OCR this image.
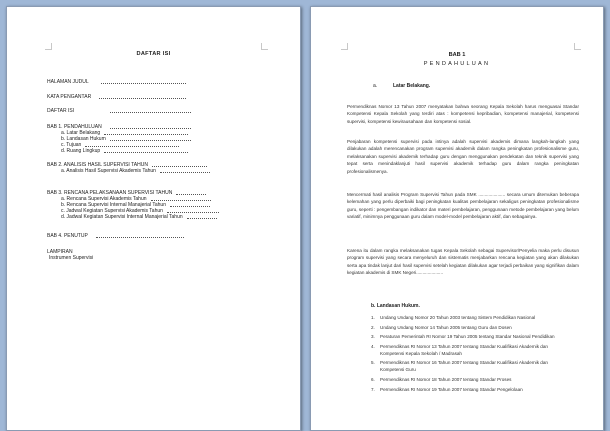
DAFTAR ISI
HALAMAN JUDUL
KATA PENGANTAR
DAFTAR ISI
BAB 1. PENDAHULUAN
a. Latar Belakang
b. Landasan Hukum
c. Tujuan
d. Ruang Lingkup
BAB 2. ANALISIS HASIL SUPERVISI TAHUN
a. Analisis Hasil Supervisi Akademis Tahun
BAB 3. RENCANA PELAKSANAAN SUPERVISI TAHUN
a. Rencana Supervisi Akademis Tahun
b. Rencana Supervisi Internal Manajerial Tahun
c. Jadwal Kegiatan Supervisi Akademis Tahun
d. Jadwal Kegiatan Supervisi Internal Manajerial Tahun
BAB 4. PENUTUP
LAMPIRAN
Instrumen Supervisi
BAB 1
PENDAHULUAN
a.	Latar Belakang.
Permendiknas Nomor 13 Tahun 2007 menyatakan bahwa seorang Kepala Sekolah harus menguasai Standar Kompetensi Kepala Sekolah yang terdiri atas : kompetensi kepribadian, kompetensi manajerial, kompetensi supervisi, kompetensi kewirausahaan dan kompetensi sosial.
Penjabaran kompetensi supervisi pada intinya adalah supervisi akademis dimana langkah-langkah yang dilakukan adalah merencanakan program supervisi akademik dalam rangka peningkatan profesionalisme guru, melaksanakan supervisi akademik terhadap guru dengan menggunakan pendekatan dan teknik supervisi yang tepat serta menindaklanjuti hasil supervisi akademik terhadap guru dalam rangka peningkatan profesionalismenya.
Mencermati hasil analisis Program Supervisi Tahun pada SMK ..................... secara umum ditemukan beberapa kelemahan yang perlu diperbaiki bagi peningkatan kualitas pembelajaran sekaligus peningkatan profesionalisme guru, seperti : pengembangan indikator dan materi pembelajaran, penggunaan metode pembelajaran yang belum variatif, minimnya penggunaan guru dalam model-model pembelajaran aktif, dan sebagainya.
Karena itu dalam rangka melaksanakan tugas Kepala Sekolah sebagai Supervisor/Penyelia maka perlu disusun program supervisi yang secara menyeluruh dan sistematis menjabarkan rencana kegiatan yang akan dilakukan serta apa tindak lanjut dari hasil supervisi setelah kegiatan dilakukan agar terjadi perbaikan yang signifikan dalam kegiatan akademis di SMK Negeri.....................
b. Landasan Hukum.
1.	Undang Undang Nomor 20 Tahun 2003 tentang Sistem Pendidikan Nasional
2.	Undang Undang Nomor 14 Tahun 2005 tentang Guru dan Dosen
3.	Peraturan Pemerintah RI Nomor 19 Tahun 2005 tentang Standar Nasional Pendidikan
4.	Permendiknas RI Nomor 13 Tahun 2007 tentang Standar Kualifikasi Akademik dan Kompetensi Kepala Sekolah / Madrasah
5.	Permendiknas RI Nomor 16 Tahun 2007 tentang Standar Kualifikasi Akademik dan Kompetensi Guru
6.	Permendiknas RI Nomor 18 Tahun 2007 tentang Standar Proses
7.	Permendiknas RI Nomor 19 Tahun 2007 tentang Standar Pengelolaan
